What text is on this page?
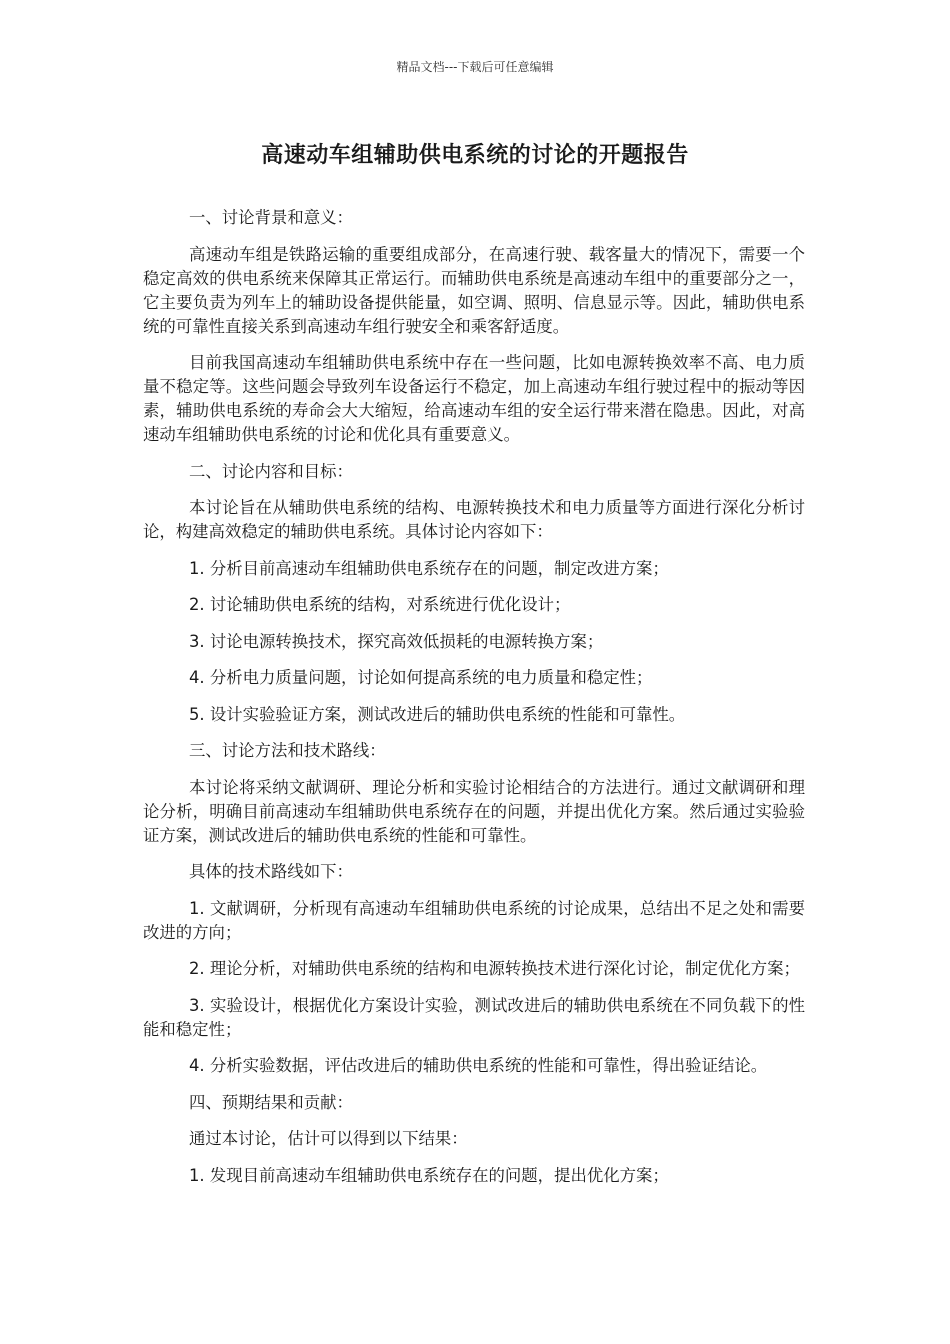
精品文档---下载后可任意编辑
高速动车组辅助供电系统的讨论的开题报告

一、讨论背景和意义：

高速动车组是铁路运输的重要组成部分，在高速行驶、载客量大的情况下，需要一个稳定高效的供电系统来保障其正常运行。而辅助供电系统是高速动车组中的重要部分之一，它主要负责为列车上的辅助设备提供能量，如空调、照明、信息显示等。因此，辅助供电系统的可靠性直接关系到高速动车组行驶安全和乘客舒适度。

目前我国高速动车组辅助供电系统中存在一些问题，比如电源转换效率不高、电力质量不稳定等。这些问题会导致列车设备运行不稳定，加上高速动车组行驶过程中的振动等因素，辅助供电系统的寿命会大大缩短，给高速动车组的安全运行带来潜在隐患。因此，对高速动车组辅助供电系统的讨论和优化具有重要意义。

二、讨论内容和目标：

本讨论旨在从辅助供电系统的结构、电源转换技术和电力质量等方面进行深化分析讨论，构建高效稳定的辅助供电系统。具体讨论内容如下：

1. 分析目前高速动车组辅助供电系统存在的问题，制定改进方案；

2. 讨论辅助供电系统的结构，对系统进行优化设计；

3. 讨论电源转换技术，探究高效低损耗的电源转换方案；

4. 分析电力质量问题，讨论如何提高系统的电力质量和稳定性；

5. 设计实验验证方案，测试改进后的辅助供电系统的性能和可靠性。

三、讨论方法和技术路线：

本讨论将采纳文献调研、理论分析和实验讨论相结合的方法进行。通过文献调研和理论分析，明确目前高速动车组辅助供电系统存在的问题，并提出优化方案。然后通过实验验证方案，测试改进后的辅助供电系统的性能和可靠性。

具体的技术路线如下：

1. 文献调研，分析现有高速动车组辅助供电系统的讨论成果，总结出不足之处和需要改进的方向；

2. 理论分析，对辅助供电系统的结构和电源转换技术进行深化讨论，制定优化方案；

3. 实验设计，根据优化方案设计实验，测试改进后的辅助供电系统在不同负载下的性能和稳定性；

4. 分析实验数据，评估改进后的辅助供电系统的性能和可靠性，得出验证结论。

四、预期结果和贡献：

通过本讨论，估计可以得到以下结果：

1. 发现目前高速动车组辅助供电系统存在的问题，提出优化方案；
